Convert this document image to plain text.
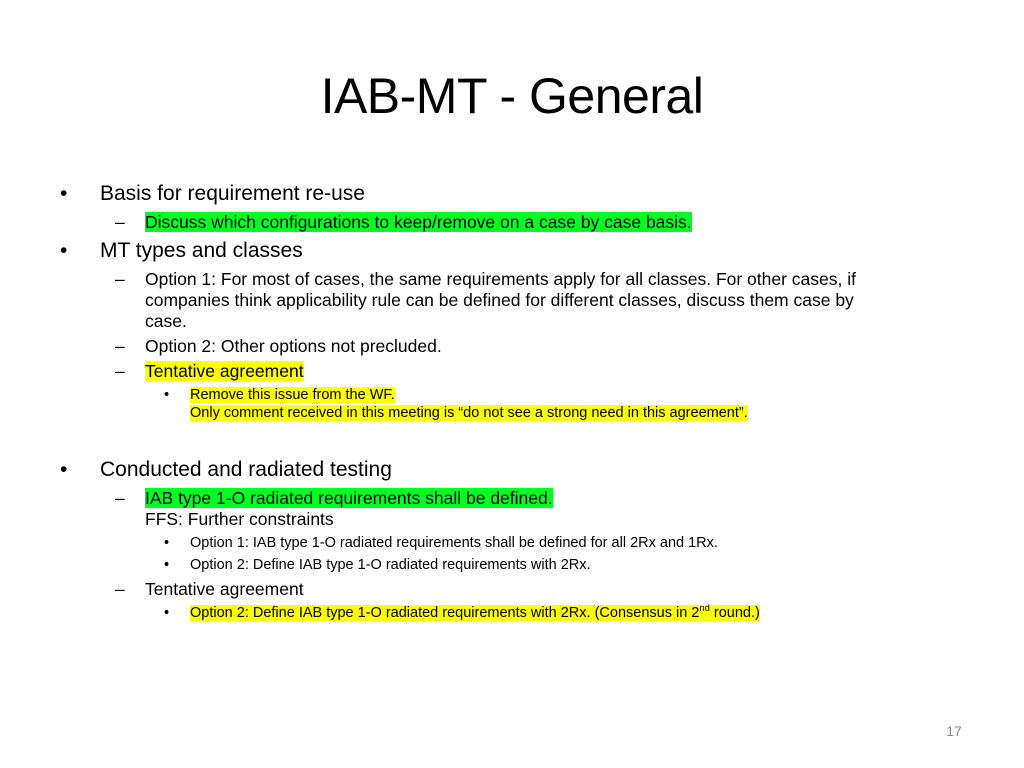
IAB-MT - General
• Basis for requirement re-use
– Discuss which configurations to keep/remove on a case by case basis.
• MT types and classes
– Option 1: For most of cases, the same requirements apply for all classes. For other cases, if
companies think applicability rule can be defined for different classes, discuss them case by
case.
– Option 2: Other options not precluded.
– Tentative agreement
• Remove this issue from the WF.
Only comment received in this meeting is “do not see a strong need in this agreement”.
• Conducted and radiated testing
– IAB type 1-O radiated requirements shall be defined.
FFS: Further constraints
• Option 1: IAB type 1-O radiated requirements shall be defined for all 2Rx and 1Rx.
• Option 2: Define IAB type 1-O radiated requirements with 2Rx.
– Tentative agreement
• Option 2: Define IAB type 1-O radiated requirements with 2Rx. (Consensus in 2nd round.)
17
